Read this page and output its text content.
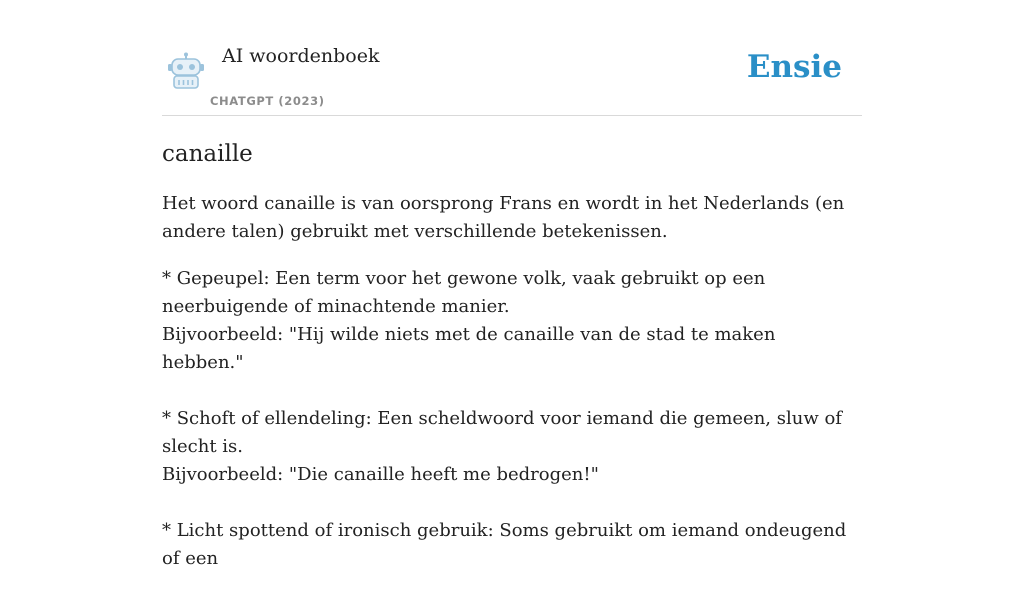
AI woordenboek
CHATGPT (2023)
Ensie
canaille

Het woord canaille is van oorsprong Frans en wordt in het Nederlands (en andere talen) gebruikt met verschillende betekenissen.

* Gepeupel: Een term voor het gewone volk, vaak gebruikt op een neerbuigende of minachtende manier.
Bijvoorbeeld: "Hij wilde niets met de canaille van de stad te maken hebben."
* Schoft of ellendeling: Een scheldwoord voor iemand die gemeen, sluw of slecht is.
Bijvoorbeeld: "Die canaille heeft me bedrogen!"
* Licht spottend of ironisch gebruik: Soms gebruikt om iemand ondeugend of een
